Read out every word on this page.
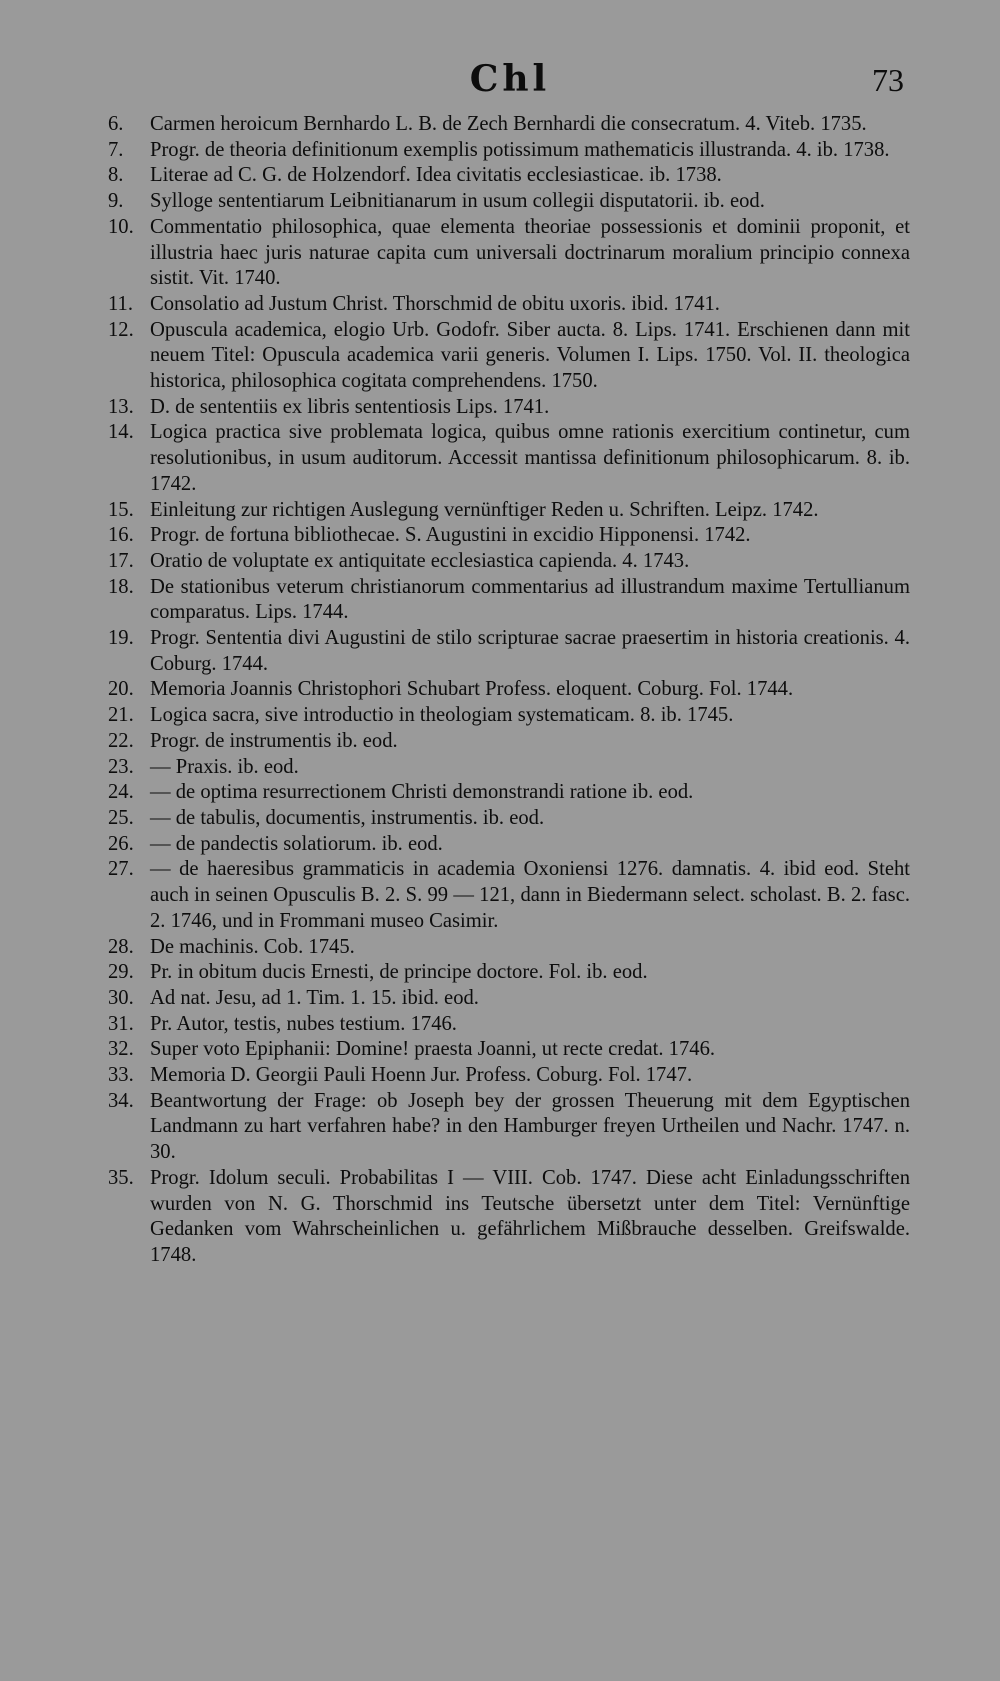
Chl	73
6.	Carmen heroicum Bernhardo L. B. de Zech Bernhardi die consecratum. 4. Viteb. 1735.
7.	Progr. de theoria definitionum exemplis potissimum mathematicis illustranda. 4. ib. 1738.
8.	Literae ad C. G. de Holzendorf. Idea civitatis ecclesiasticae. ib. 1738.
9.	Sylloge sententiarum Leibnitianarum in usum collegii disputatorii. ib. eod.
10. Commentatio philosophica, quae elementa theoriae possessionis et dominii proponit, et illustria haec juris naturae capita cum universali doctrinarum moralium principio connexa sistit. Vit. 1740.
11. Consolatio ad Justum Christ. Thorschmid de obitu uxoris. ibid. 1741.
12. Opuscula academica, elogio Urb. Godofr. Siber aucta. 8. Lips. 1741. Erschienen dann mit neuem Titel: Opuscula academica varii generis. Volumen I. Lips. 1750. Vol. II. theologica historica, philosophica cogitata comprehendens. 1750.
13. D. de sententiis ex libris sententiosis Lips. 1741.
14. Logica practica sive problemata logica, quibus omne rationis exercitium continetur, cum resolutionibus, in usum auditorum. Accessit mantissa definitionum philosophicarum. 8. ib. 1742.
15. Einleitung zur richtigen Auslegung vernünftiger Reden u. Schriften. Leipz. 1742.
16. Progr. de fortuna bibliothecae. S. Augustini in excidio Hipponensi. 1742.
17. Oratio de voluptate ex antiquitate ecclesiastica capienda. 4. 1743.
18. De stationibus veterum christianorum commentarius ad illustrandum maxime Tertullianum comparatus. Lips. 1744.
19. Progr. Sententia divi Augustini de stilo scripturae sacrae praesertim in historia creationis. 4. Coburg. 1744.
20. Memoria Joannis Christophori Schubart Profess. eloquent. Coburg. Fol. 1744.
21. Logica sacra, sive introductio in theologiam systematicam. 8. ib. 1745.
22. Progr. de instrumentis ib. eod.
23. — Praxis. ib. eod.
24. — de optima resurrectionem Christi demonstrandi ratione ib. eod.
25. — de tabulis, documentis, instrumentis. ib. eod.
26. — de pandectis solatiorum. ib. eod.
27. — de haeresibus grammaticis in academia Oxoniensi 1276. damnatis. 4. ibid eod. Steht auch in seinen Opusculis B. 2. S. 99 — 121, dann in Biedermann select. scholast. B. 2. fasc. 2. 1746, und in Frommani museo Casimir.
28. De machinis. Cob. 1745.
29. Pr. in obitum ducis Ernesti, de principe doctore. Fol. ib. eod.
30. Ad nat. Jesu, ad 1. Tim. 1. 15. ibid. eod.
31. Pr. Autor, testis, nubes testium. 1746.
32. Super voto Epiphanii: Domine! praesta Joanni, ut recte credat. 1746.
33. Memoria D. Georgii Pauli Hoenn Jur. Profess. Coburg. Fol. 1747.
34. Beantwortung der Frage: ob Joseph bey der grossen Theuerung mit dem Egyptischen Landmann zu hart verfahren habe? in den Hamburger freyen Urtheilen und Nachr. 1747. n. 30.
35. Progr. Idolum seculi. Probabilitas I — VIII. Cob. 1747. Diese acht Einladungsschriften wurden von N. G. Thorschmid ins Teutsche übersetzt unter dem Titel: Vernünftige Gedanken vom Wahrscheinlichen u. gefährlichem Mißbrauche desselben. Greifswalde. 1748.
